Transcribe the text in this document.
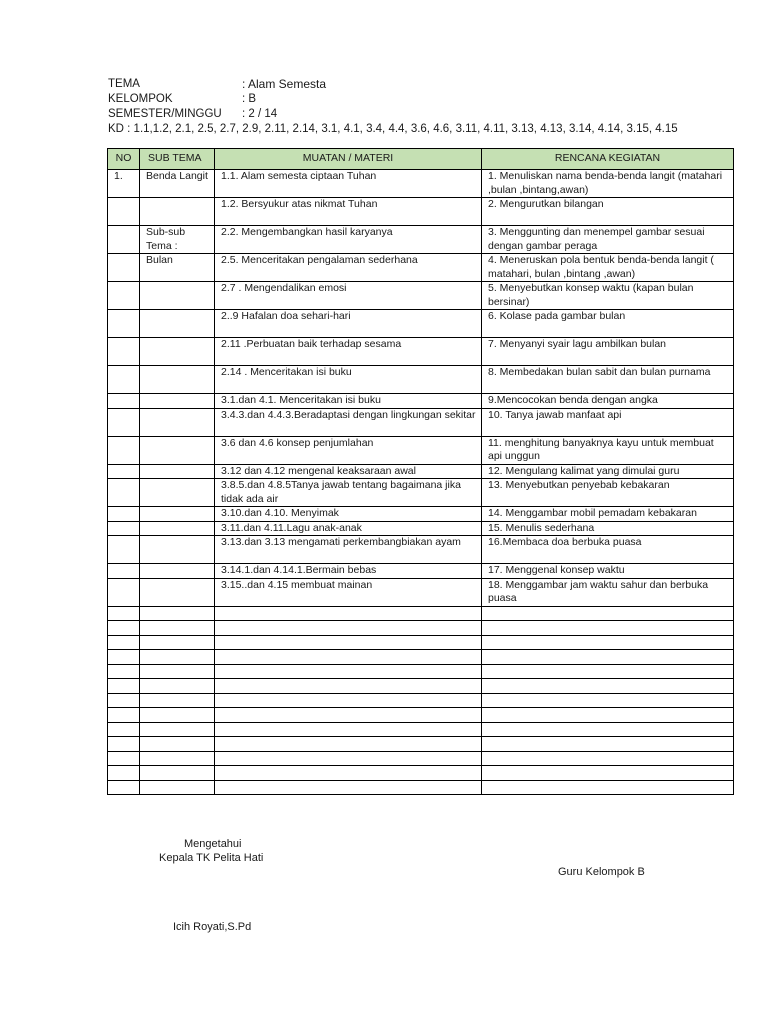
TEMA	: Alam Semesta
KELOMPOK	: B
SEMESTER/MINGGU	: 2 / 14
KD : 1.1,1.2, 2.1, 2.5, 2.7, 2.9, 2.11, 2.14, 3.1, 4.1, 3.4, 4.4, 3.6, 4.6, 3.11, 4.11, 3.13, 4.13, 3.14, 4.14, 3.15, 4.15
NO	SUB TEMA	MUATAN / MATERI	RENCANA KEGIATAN
1.	Benda Langit	1.1. Alam semesta ciptaan Tuhan	1. Menuliskan nama benda-benda langit (matahari ,bulan ,bintang,awan)
		1.2. Bersyukur atas nikmat Tuhan	2. Mengurutkan bilangan
	Sub-sub Tema :	2.2. Mengembangkan hasil karyanya	3. Menggunting dan menempel gambar sesuai dengan gambar peraga
	Bulan	2.5. Menceritakan pengalaman sederhana	4. Meneruskan pola bentuk benda-benda langit ( matahari, bulan ,bintang ,awan)
		2.7 . Mengendalikan emosi	5. Menyebutkan konsep waktu (kapan bulan bersinar)
		2..9 Hafalan doa sehari-hari	6. Kolase pada gambar bulan
		2.11 .Perbuatan baik terhadap sesama	7. Menyanyi syair lagu ambilkan bulan
		2.14 . Menceritakan isi buku	8. Membedakan bulan sabit dan bulan purnama
		3.1.dan 4.1. Menceritakan isi buku	9.Mencocokan benda dengan angka
		3.4.3.dan 4.4.3.Beradaptasi dengan lingkungan sekitar	10. Tanya jawab manfaat api
		3.6 dan 4.6 konsep penjumlahan	11. menghitung banyaknya kayu untuk membuat api unggun
		3.12 dan 4.12 mengenal keaksaraan awal	12. Mengulang kalimat yang dimulai guru
		3.8.5.dan 4.8.5Tanya jawab tentang bagaimana jika tidak ada air	13. Menyebutkan penyebab kebakaran
		3.10.dan 4.10. Menyimak	14. Menggambar mobil pemadam kebakaran
		3.11.dan 4.11.Lagu anak-anak	15. Menulis sederhana
		3.13.dan 3.13 mengamati perkembangbiakan ayam	16.Membaca doa berbuka puasa
		3.14.1.dan 4.14.1.Bermain bebas	17. Menggenal konsep waktu
		3.15..dan 4.15 membuat mainan	18. Menggambar jam waktu sahur dan berbuka puasa

Mengetahui
Kepala TK Pelita Hati
Guru Kelompok B
Icih Royati,S.Pd
